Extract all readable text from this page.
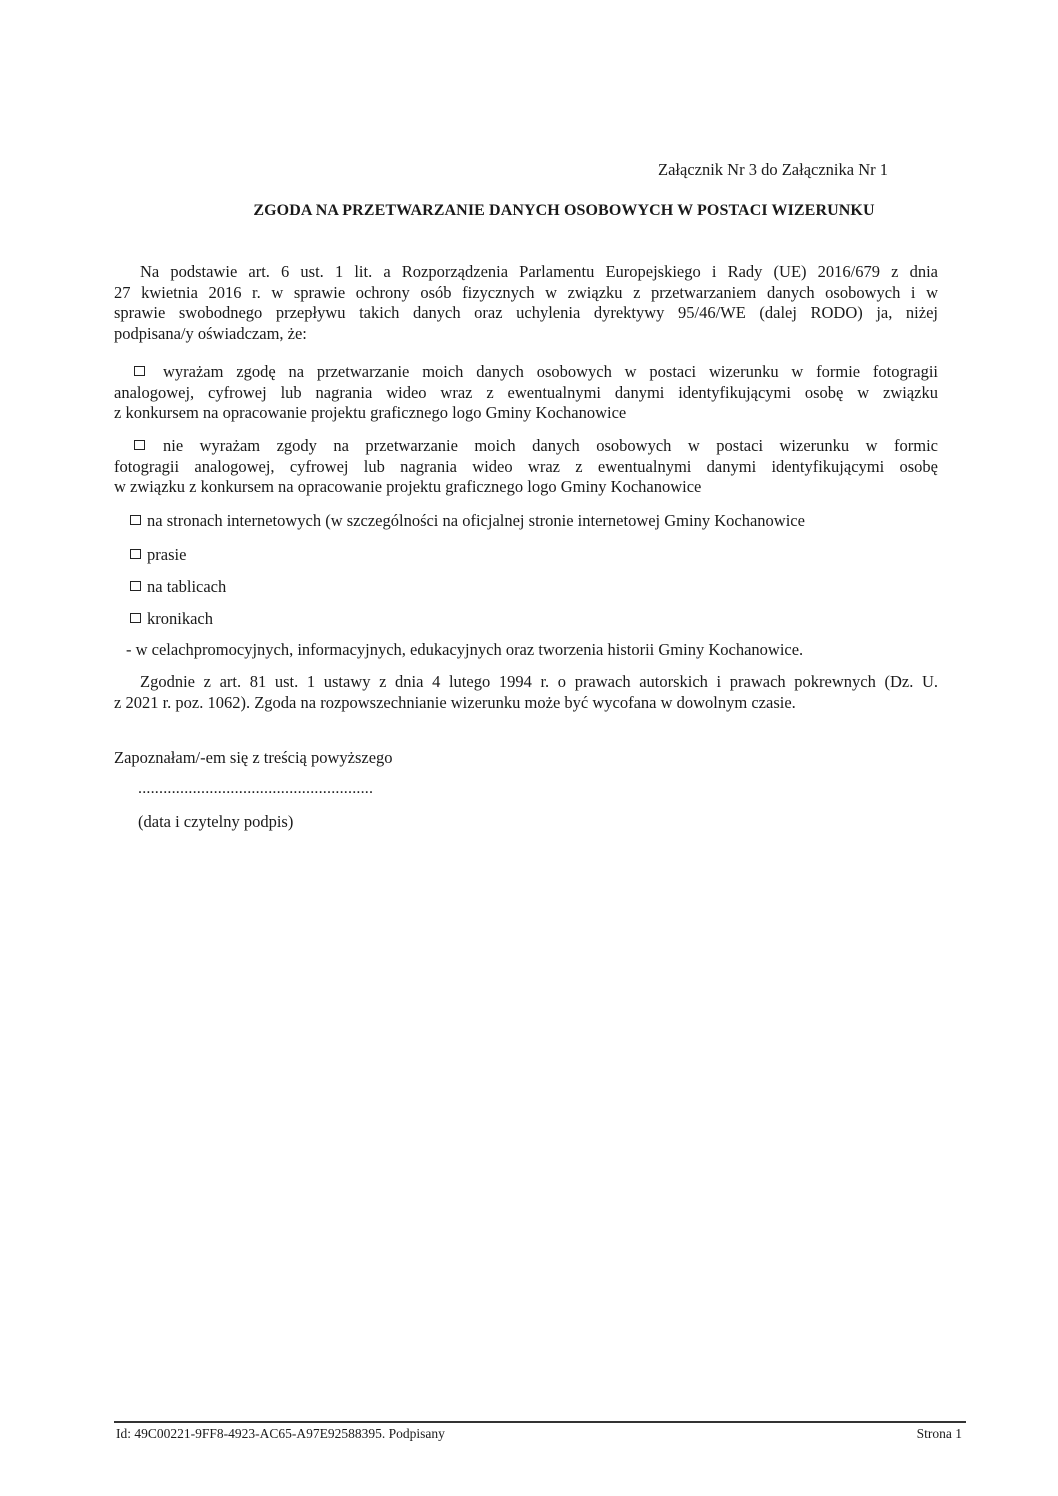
Załącznik Nr 3 do Załącznika Nr 1
ZGODA NA PRZETWARZANIE DANYCH OSOBOWYCH W POSTACI WIZERUNKU
Na podstawie art. 6 ust. 1 lit. a Rozporządzenia Parlamentu Europejskiego i Rady (UE) 2016/679 z dnia
27 kwietnia 2016 r. w sprawie ochrony osób fizycznych w związku z przetwarzaniem danych osobowych i w
sprawie swobodnego przepływu takich danych oraz uchylenia dyrektywy 95/46/WE (dalej RODO) ja, niżej
podpisana/y oświadczam, że:
wyrażam zgodę na przetwarzanie moich danych osobowych w postaci wizerunku w formie fotogragii
analogowej, cyfrowej lub nagrania wideo wraz z ewentualnymi danymi identyfikującymi osobę w związku
z konkursem na opracowanie projektu graficznego logo Gminy Kochanowice
nie wyrażam zgody na przetwarzanie moich danych osobowych w postaci wizerunku w formic
fotogragii analogowej, cyfrowej lub nagrania wideo wraz z ewentualnymi danymi identyfikującymi osobę
w związku z konkursem na opracowanie projektu graficznego logo Gminy Kochanowice
na stronach internetowych (w szczególności na oficjalnej stronie internetowej Gminy Kochanowice
prasie
na tablicach
kronikach
- w celachpromocyjnych, informacyjnych, edukacyjnych oraz tworzenia historii Gminy Kochanowice.
Zgodnie z art. 81 ust. 1 ustawy z dnia 4 lutego 1994 r. o prawach autorskich i prawach pokrewnych (Dz. U.
z 2021 r. poz. 1062). Zgoda na rozpowszechnianie wizerunku może być wycofana w dowolnym czasie.
Zapoznałam/-em się z treścią powyższego
........................................................
(data i czytelny podpis)
Id: 49C00221-9FF8-4923-AC65-A97E92588395. Podpisany	Strona 1
